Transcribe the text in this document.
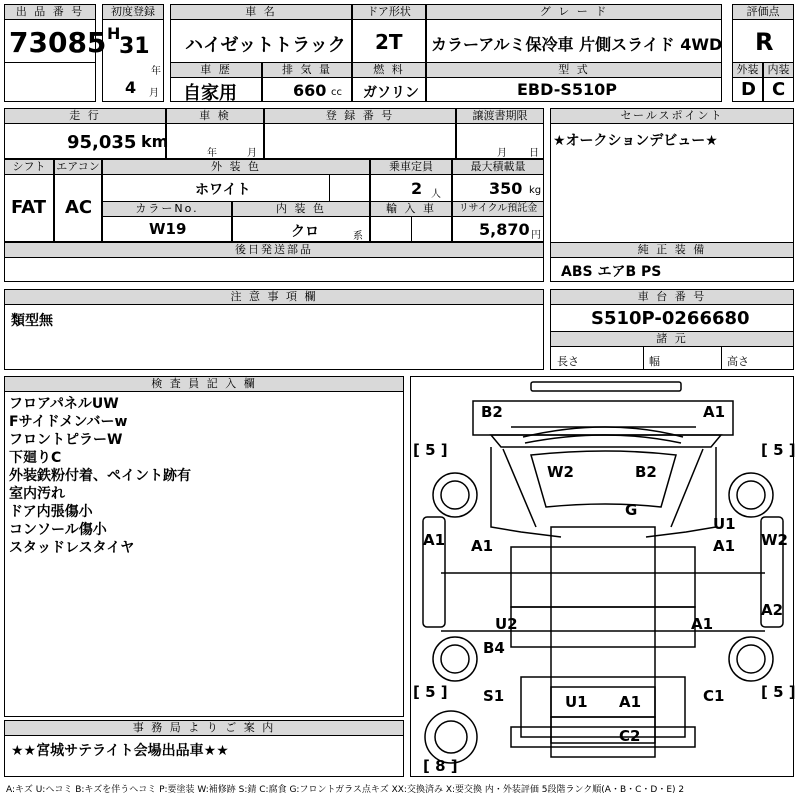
出 品 番 号
73085
初度登録
H
31
年
4 月
車 名
ハイゼットトラック
ドア形状
2T
グ レ ー ド
カラーアルミ保冷車 片側スライド 4WD
評価点
R
外装 内装
D C
車 歴
自家用
排 気 量
660 cc
燃 料
ガソリン
型 式
EBD-S510P
走 行
95,035 km
車 検
年	月
登 録 番 号	譲渡書期限
月 日
セールスポイント
★オークションデビュー★
シフト
FAT
エアコン
AC
外 装 色
ホワイト
乗車定員
2 人
最大積載量
350 kg
カラーNo.
W19
内 装 色
クロ	系
輸 入 車	リサイクル預託金
5,870 円
後日発送部品	純 正 装 備
ABS エアB PS
注 意 事 項 欄
類型無
車 台 番 号
S510P-0266680
諸 元
長さ	幅	高さ
検 査 員 記 入 欄
フロアパネルUW
Fサイドメンバーw
フロントピラーW
下廻りC
外装鉄粉付着、ペイント跡有
室内汚れ
ドア内張傷小
コンソール傷小
スタッドレスタイヤ
事 務 局 よ り ご 案 内
★★宮城サテライト会場出品車★★
[ 5 ]	[ 5 ]
[ 5 ]	[ 5 ]
[ 8 ]
B2	A1
W2	B2
G
U1
A1 A1	A1 W2
U2	A1
A2
B4
S1	U1 A1	C1
C2
A:キズ U:ヘコミ B:キズを伴うヘコミ P:要塗装 W:補修跡 S:錆 C:腐食 G:フロントガラス点キズ XX:交換済み X:要交換 内・外装評価 5段階ランク順(A・B・C・D・E) 2
